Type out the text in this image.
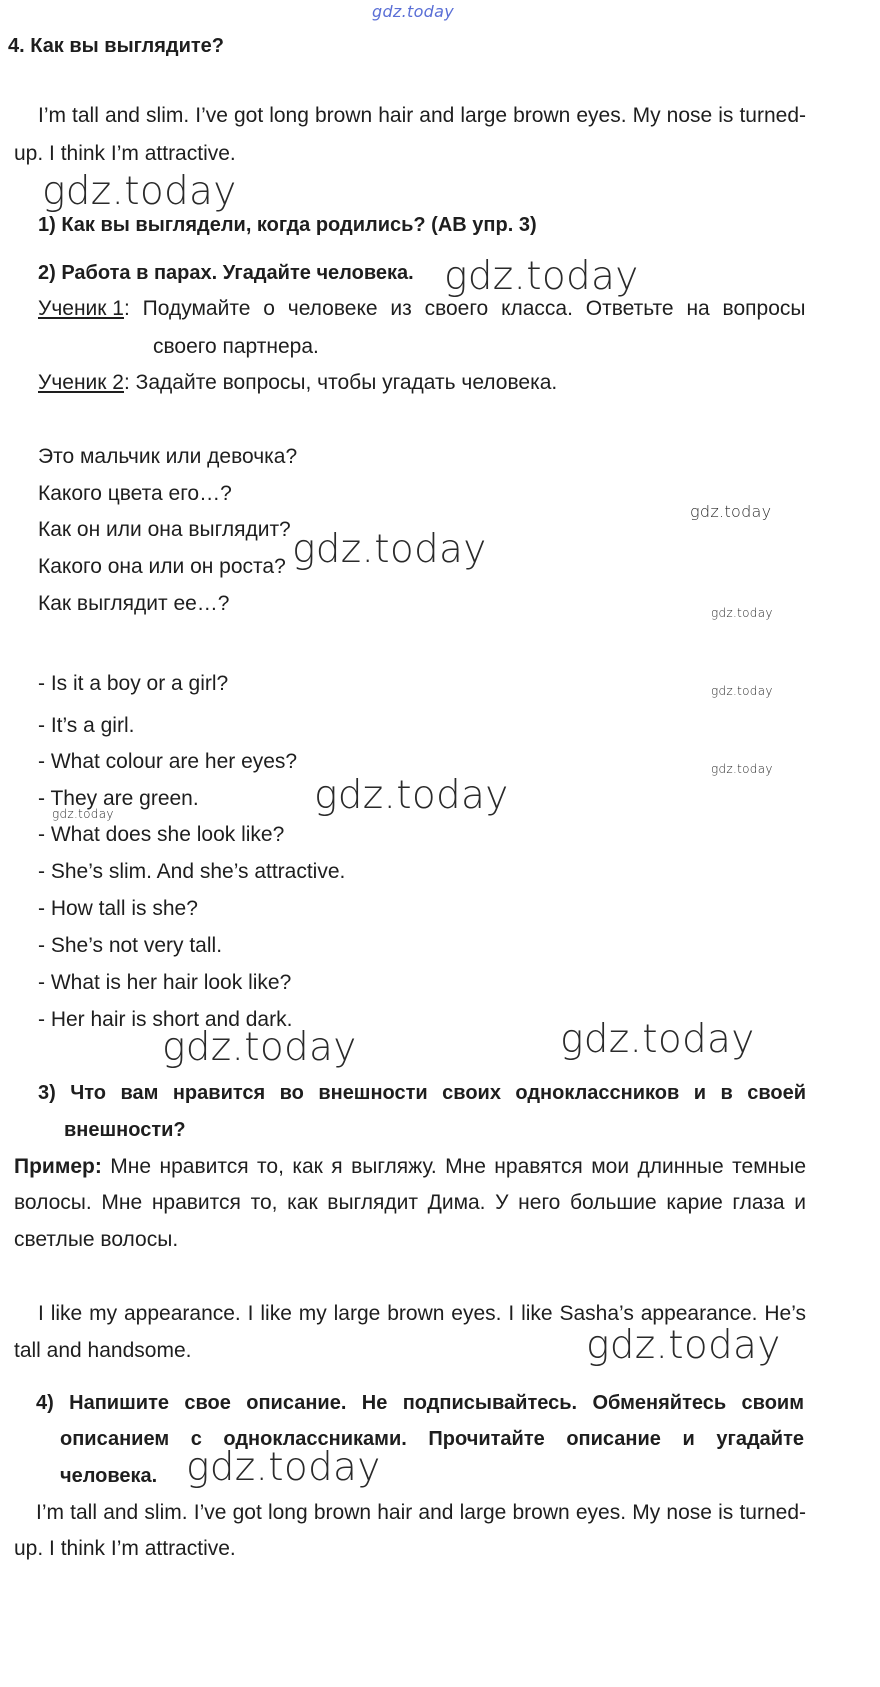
gdz.today
4. Как вы выглядите?
I’m tall and slim. I’ve got long brown hair and large brown eyes. My nose is turned-
up. I think I’m attractive.
gdz.today
1) Как вы выглядели, когда родились? (АВ упр. 3)
2) Работа в парах. Угадайте человека. gdz.today
Ученик 1: Подумайте о человеке из своего класса. Ответьте на вопросы
своего партнера.
Ученик 2: Задайте вопросы, чтобы угадать человека.
Это мальчик или девочка?
Какого цвета его…?
Как он или она выглядит?
Какого она или он роста?
Как выглядит ее…?
gdz.today
gdz.today
gdz.today
- Is it a boy or a girl?
- It’s a girl.
- What colour are her eyes?
- They are green.
- What does she look like?
- She’s slim. And she’s attractive.
- How tall is she?
- She’s not very tall.
- What is her hair look like?
- Her hair is short and dark.
gdz.today
gdz.today
gdz.today
gdz.today
gdz.today	gdz.today
3) Что вам нравится во внешности своих одноклассников и в своей
внешности?
Пример: Мне нравится то, как я выгляжу. Мне нравятся мои длинные темные
волосы. Мне нравится то, как выглядит Дима. У него большие карие глаза и
светлые волосы.
I like my appearance. I like my large brown eyes. I like Sasha’s appearance. He’s
tall and handsome.	gdz.today
4) Напишите свое описание. Не подписывайтесь. Обменяйтесь своим
описанием с одноклассниками. Прочитайте описание и угадайте
человека. gdz.today
I’m tall and slim. I’ve got long brown hair and large brown eyes. My nose is turned-
up. I think I’m attractive.
